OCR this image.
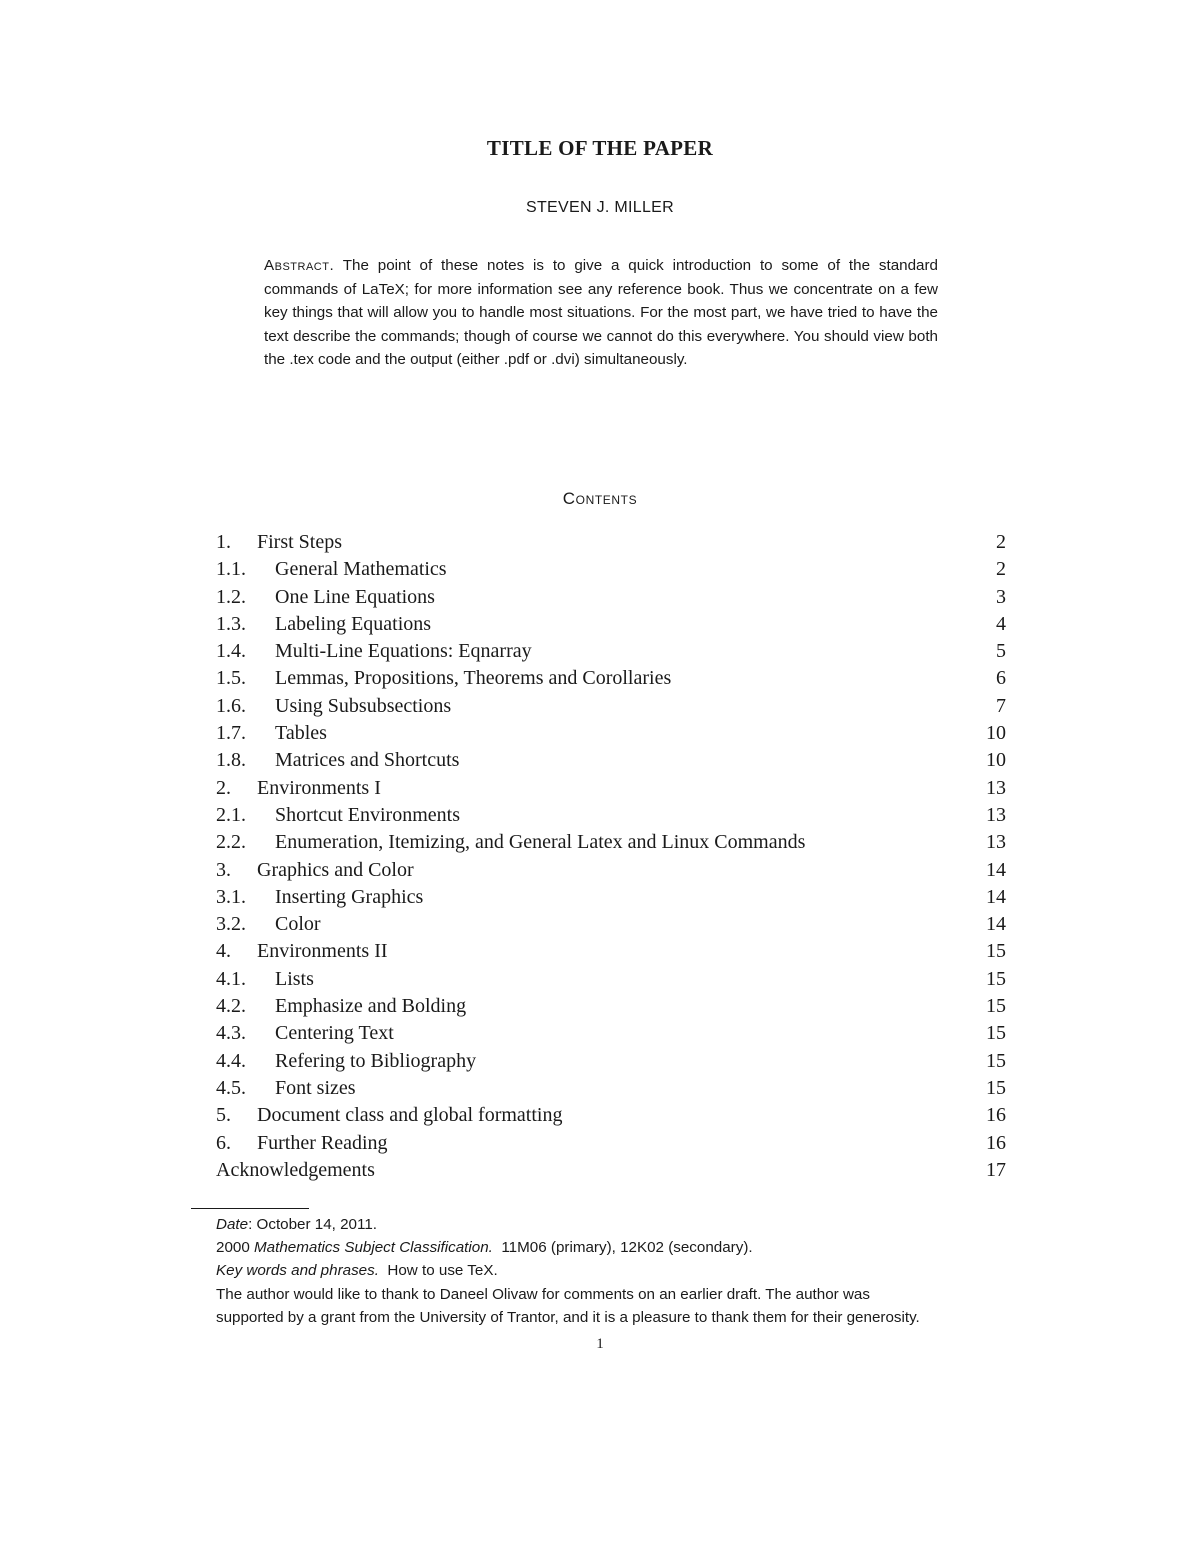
TITLE OF THE PAPER
STEVEN J. MILLER
Abstract. The point of these notes is to give a quick introduction to some of the standard commands of LaTeX; for more information see any reference book. Thus we concentrate on a few key things that will allow you to handle most situations. For the most part, we have tried to have the text describe the commands; though of course we cannot do this everywhere. You should view both the .tex code and the output (either .pdf or .dvi) simultaneously.
Contents
1. First Steps	2
1.1. General Mathematics	2
1.2. One Line Equations	3
1.3. Labeling Equations	4
1.4. Multi-Line Equations: Eqnarray	5
1.5. Lemmas, Propositions, Theorems and Corollaries	6
1.6. Using Subsubsections	7
1.7. Tables	10
1.8. Matrices and Shortcuts	10
2. Environments I	13
2.1. Shortcut Environments	13
2.2. Enumeration, Itemizing, and General Latex and Linux Commands	13
3. Graphics and Color	14
3.1. Inserting Graphics	14
3.2. Color	14
4. Environments II	15
4.1. Lists	15
4.2. Emphasize and Bolding	15
4.3. Centering Text	15
4.4. Refering to Bibliography	15
4.5. Font sizes	15
5. Document class and global formatting	16
6. Further Reading	16
Acknowledgements	17
Date: October 14, 2011.
2000 Mathematics Subject Classification. 11M06 (primary), 12K02 (secondary).
Key words and phrases. How to use TeX.
The author would like to thank to Daneel Olivaw for comments on an earlier draft. The author was
supported by a grant from the University of Trantor, and it is a pleasure to thank them for their generosity.
1
